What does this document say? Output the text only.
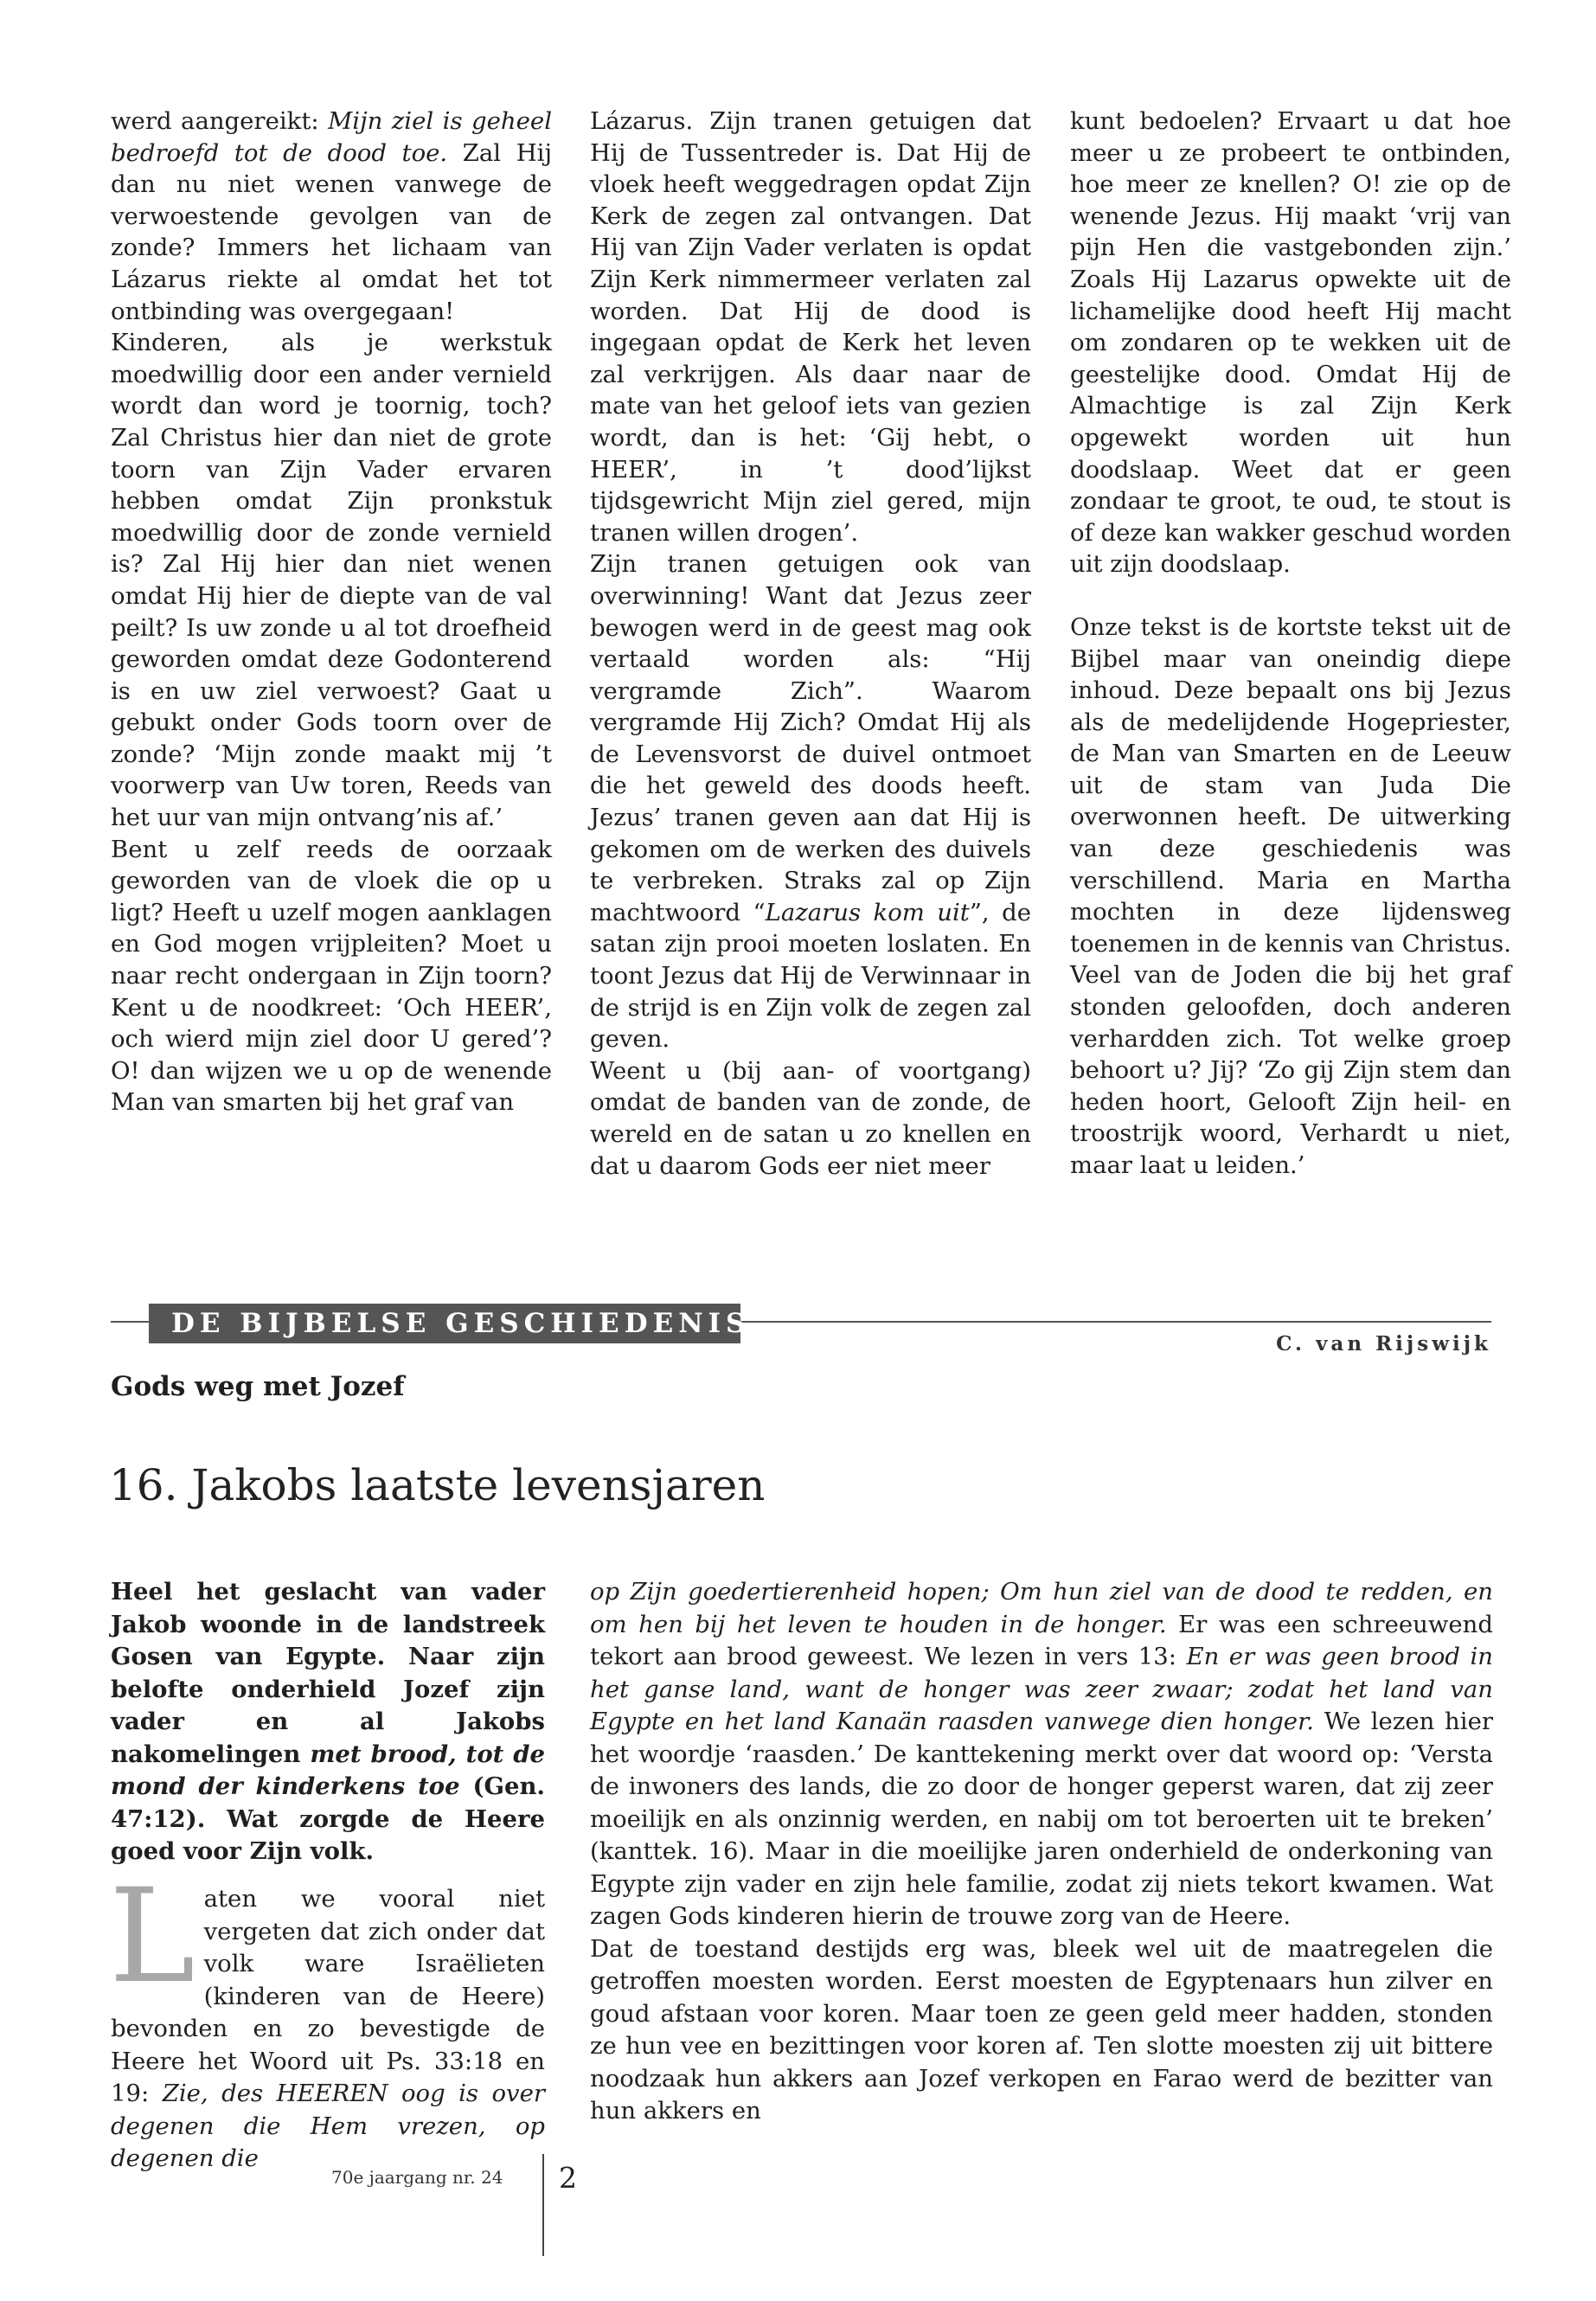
werd aangereikt: Mijn ziel is geheel bedroefd tot de dood toe. Zal Hij dan nu niet wenen vanwege de verwoestende gevolgen van de zonde? Immers het lichaam van Lázarus riekte al omdat het tot ontbinding was overgegaan!
Kinderen, als je werkstuk moedwillig door een ander vernield wordt dan word je toornig, toch? Zal Christus hier dan niet de grote toorn van Zijn Vader ervaren hebben omdat Zijn pronkstuk moedwillig door de zonde vernield is? Zal Hij hier dan niet wenen omdat Hij hier de diepte van de val peilt? Is uw zonde u al tot droefheid geworden omdat deze Godonterend is en uw ziel verwoest? Gaat u gebukt onder Gods toorn over de zonde? ‘Mijn zonde maakt mij ’t voorwerp van Uw toren, Reeds van het uur van mijn ontvang’nis af.’
Bent u zelf reeds de oorzaak geworden van de vloek die op u ligt? Heeft u uzelf mogen aanklagen en God mogen vrijpleiten? Moet u naar recht ondergaan in Zijn toorn? Kent u de noodkreet: ‘Och HEER’, och wierd mijn ziel door U gered’? O! dan wijzen we u op de wenende Man van smarten bij het graf van

Lázarus. Zijn tranen getuigen dat Hij de Tussentreder is. Dat Hij de vloek heeft weggedragen opdat Zijn Kerk de zegen zal ontvangen. Dat Hij van Zijn Vader verlaten is opdat Zijn Kerk nimmermeer verlaten zal worden. Dat Hij de dood is ingegaan opdat de Kerk het leven zal verkrijgen. Als daar naar de mate van het geloof iets van gezien wordt, dan is het: ‘Gij hebt, o HEER’, in ’t dood’lijkst tijdsgewricht Mijn ziel gered, mijn tranen willen drogen’.
Zijn tranen getuigen ook van overwinning! Want dat Jezus zeer bewogen werd in de geest mag ook vertaald worden als: “Hij vergramde Zich”. Waarom vergramde Hij Zich? Omdat Hij als de Levensvorst de duivel ontmoet die het geweld des doods heeft. Jezus’ tranen geven aan dat Hij is gekomen om de werken des duivels te verbreken. Straks zal op Zijn machtwoord “Lazarus kom uit”, de satan zijn prooi moeten loslaten. En toont Jezus dat Hij de Verwinnaar in de strijd is en Zijn volk de zegen zal geven.
Weent u (bij aan- of voortgang) omdat de banden van de zonde, de wereld en de satan u zo knellen en dat u daarom Gods eer niet meer

kunt bedoelen? Ervaart u dat hoe meer u ze probeert te ontbinden, hoe meer ze knellen? O! zie op de wenende Jezus. Hij maakt ‘vrij van pijn Hen die vastgebonden zijn.’ Zoals Hij Lazarus opwekte uit de lichamelijke dood heeft Hij macht om zondaren op te wekken uit de geestelijke dood. Omdat Hij de Almachtige is zal Zijn Kerk opgewekt worden uit hun doodslaap. Weet dat er geen zondaar te groot, te oud, te stout is of deze kan wakker geschud worden uit zijn doodslaap.

Onze tekst is de kortste tekst uit de Bijbel maar van oneindig diepe inhoud. Deze bepaalt ons bij Jezus als de medelijdende Hogepriester, de Man van Smarten en de Leeuw uit de stam van Juda Die overwonnen heeft. De uitwerking van deze geschiedenis was verschillend. Maria en Martha mochten in deze lijdensweg toenemen in de kennis van Christus. Veel van de Joden die bij het graf stonden geloofden, doch anderen verhardden zich. Tot welke groep behoort u? Jij? ‘Zo gij Zijn stem dan heden hoort, Gelooft Zijn heil- en troostrijk woord, Verhardt u niet, maar laat u leiden.’

DE BIJBELSE GESCHIEDENIS
C. van Rijswijk
Gods weg met Jozef
16. Jakobs laatste levensjaren
Heel het geslacht van vader Jakob woonde in de landstreek Gosen van Egypte. Naar zijn belofte onderhield Jozef zijn vader en al Jakobs nakomelingen met brood, tot de mond der kinderkens toe (Gen. 47:12). Wat zorgde de Heere goed voor Zijn volk.
Laten we vooral niet vergeten dat zich onder dat volk ware Israëlieten (kinderen van de Heere) bevonden en zo bevestigde de Heere het Woord uit Ps. 33:18 en 19: Zie, des HEEREN oog is over degenen die Hem vrezen, op degenen die

op Zijn goedertierenheid hopen; Om hun ziel van de dood te redden, en om hen bij het leven te houden in de honger. Er was een schreeuwend tekort aan brood geweest. We lezen in vers 13: En er was geen brood in het ganse land, want de honger was zeer zwaar; zodat het land van Egypte en het land Kanaän raasden vanwege dien honger. We lezen hier het woordje ‘raasden.’ De kanttekening merkt over dat woord op: ‘Versta de inwoners des lands, die zo door de honger geperst waren, dat zij zeer moeilijk en als onzinnig werden, en nabij om tot beroerten uit te breken’ (kanttek. 16). Maar in die moeilijke jaren onderhield de onderkoning van Egypte zijn vader en zijn hele familie, zodat zij niets tekort kwamen. Wat zagen Gods kinderen hierin de trouwe zorg van de Heere.
Dat de toestand destijds erg was, bleek wel uit de maatregelen die getroffen moesten worden. Eerst moesten de Egyptenaars hun zilver en goud afstaan voor koren. Maar toen ze geen geld meer hadden, stonden ze hun vee en bezittingen voor koren af. Ten slotte moesten zij uit bittere noodzaak hun akkers aan Jozef verkopen en Farao werd de bezitter van hun akkers en

70e jaargang nr. 24 2
